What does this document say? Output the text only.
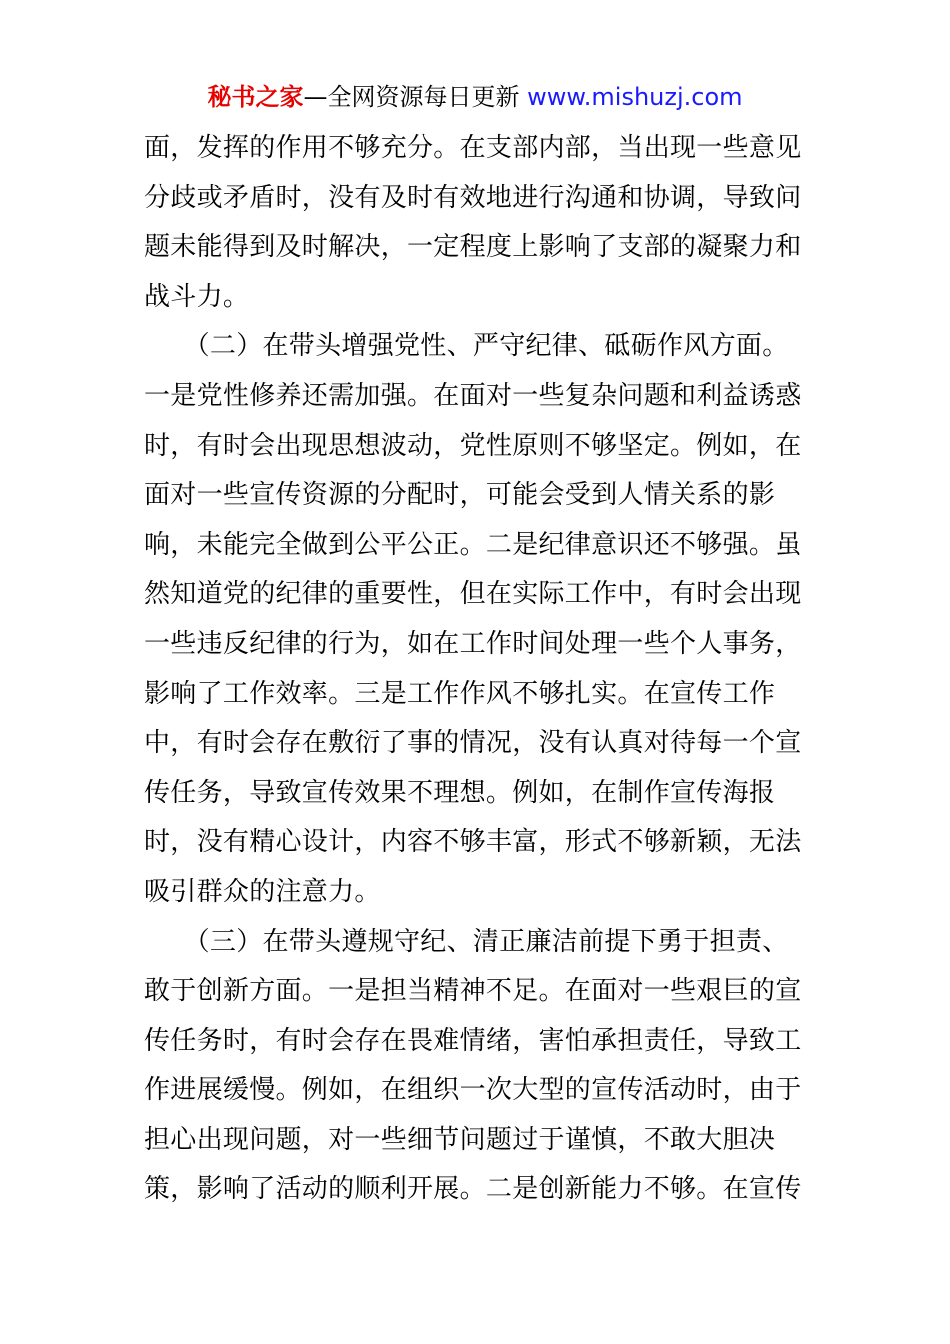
秘书之家—全网资源每日更新 www.mishuzj.com
面，发挥的作用不够充分。在支部内部，当出现一些意见
分歧或矛盾时，没有及时有效地进行沟通和协调，导致问
题未能得到及时解决，一定程度上影响了支部的凝聚力和
战斗力。
　　（二）在带头增强党性、严守纪律、砥砺作风方面。
一是党性修养还需加强。在面对一些复杂问题和利益诱惑
时，有时会出现思想波动，党性原则不够坚定。例如，在
面对一些宣传资源的分配时，可能会受到人情关系的影
响，未能完全做到公平公正。二是纪律意识还不够强。虽
然知道党的纪律的重要性，但在实际工作中，有时会出现
一些违反纪律的行为，如在工作时间处理一些个人事务，
影响了工作效率。三是工作作风不够扎实。在宣传工作
中，有时会存在敷衍了事的情况，没有认真对待每一个宣
传任务，导致宣传效果不理想。例如，在制作宣传海报
时，没有精心设计，内容不够丰富，形式不够新颖，无法
吸引群众的注意力。
　　（三）在带头遵规守纪、清正廉洁前提下勇于担责、
敢于创新方面。一是担当精神不足。在面对一些艰巨的宣
传任务时，有时会存在畏难情绪，害怕承担责任，导致工
作进展缓慢。例如，在组织一次大型的宣传活动时，由于
担心出现问题，对一些细节问题过于谨慎，不敢大胆决
策，影响了活动的顺利开展。二是创新能力不够。在宣传
